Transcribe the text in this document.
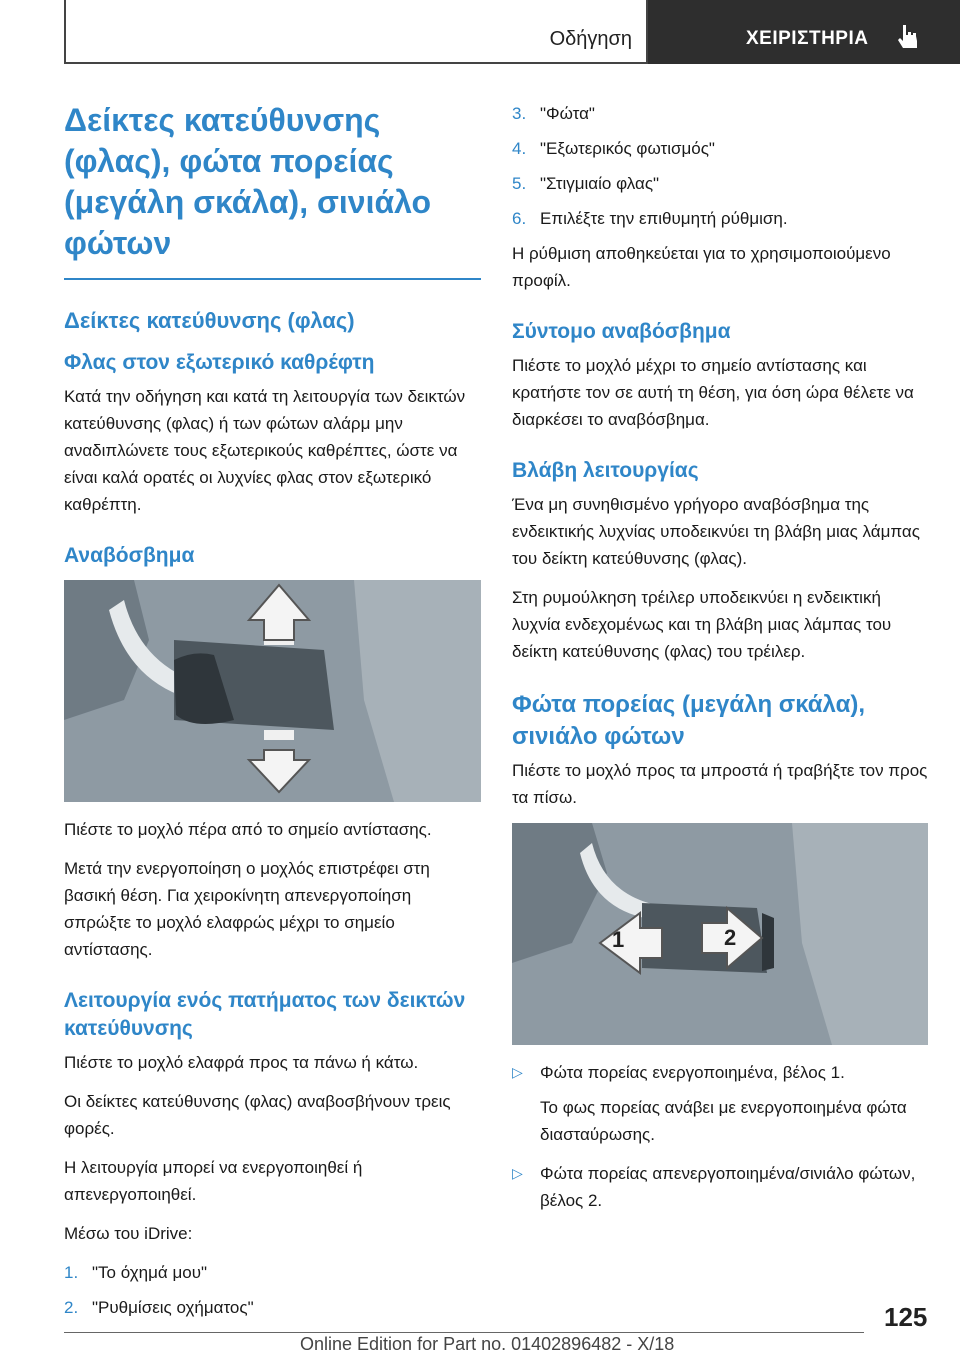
Οδήγηση	ΧΕΙΡΙΣΤΗΡΙΑ
Δείκτες κατεύθυνσης (φλας), φώτα πορείας (μεγάλη σκάλα), σινιάλο φώτων
Δείκτες κατεύθυνσης (φλας)
Φλας στον εξωτερικό καθρέφτη

Κατά την οδήγηση και κατά τη λειτουργία των δεικτών κατεύθυνσης (φλας) ή των φώτων αλάρμ μην αναδιπλώνετε τους εξωτερικούς καθρέπτες, ώστε να είναι καλά ορατές οι λυχνίες φλας στον εξωτερικό καθρέπτη.

Αναβόσβημα

Πιέστε το μοχλό πέρα από το σημείο αντίστασης.

Μετά την ενεργοποίηση ο μοχλός επιστρέφει στη βασική θέση. Για χειροκίνητη απενεργοποίηση σπρώξτε το μοχλό ελαφρώς μέχρι το σημείο αντίστασης.

Λειτουργία ενός πατήματος των δεικτών κατεύθυνσης

Πιέστε το μοχλό ελαφρά προς τα πάνω ή κάτω.

Οι δείκτες κατεύθυνσης (φλας) αναβοσβήνουν τρεις φορές.

Η λειτουργία μπορεί να ενεργοποιηθεί ή απενεργοποιηθεί.

Μέσω του iDrive:

1. "Το όχημά μου"
2. "Ρυθμίσεις οχήματος"
3. "Φώτα"
4. "Εξωτερικός φωτισμός"
5. "Στιγμιαίο φλας"
6. Επιλέξτε την επιθυμητή ρύθμιση.

Η ρύθμιση αποθηκεύεται για το χρησιμοποιούμενο προφίλ.

Σύντομο αναβόσβημα

Πιέστε το μοχλό μέχρι το σημείο αντίστασης και κρατήστε τον σε αυτή τη θέση, για όση ώρα θέλετε να διαρκέσει το αναβόσβημα.

Βλάβη λειτουργίας

Ένα μη συνηθισμένο γρήγορο αναβόσβημα της ενδεικτικής λυχνίας υποδεικνύει τη βλάβη μιας λάμπας του δείκτη κατεύθυνσης (φλας).

Στη ρυμούλκηση τρέιλερ υποδεικνύει η ενδεικτική λυχνία ενδεχομένως και τη βλάβη μιας λάμπας του δείκτη κατεύθυνσης (φλας) του τρέιλερ.

Φώτα πορείας (μεγάλη σκάλα), σινιάλο φώτων

Πιέστε το μοχλό προς τα μπροστά ή τραβήξτε τον προς τα πίσω.

1	2
▷	Φώτα πορείας ενεργοποιημένα, βέλος 1.

Το φως πορείας ανάβει με ενεργοποιημένα φώτα διασταύρωσης.

▷	Φώτα πορείας απενεργοποιημένα/σινιάλο φώτων, βέλος 2.
125
Online Edition for Part no. 01402896482 - X/18
